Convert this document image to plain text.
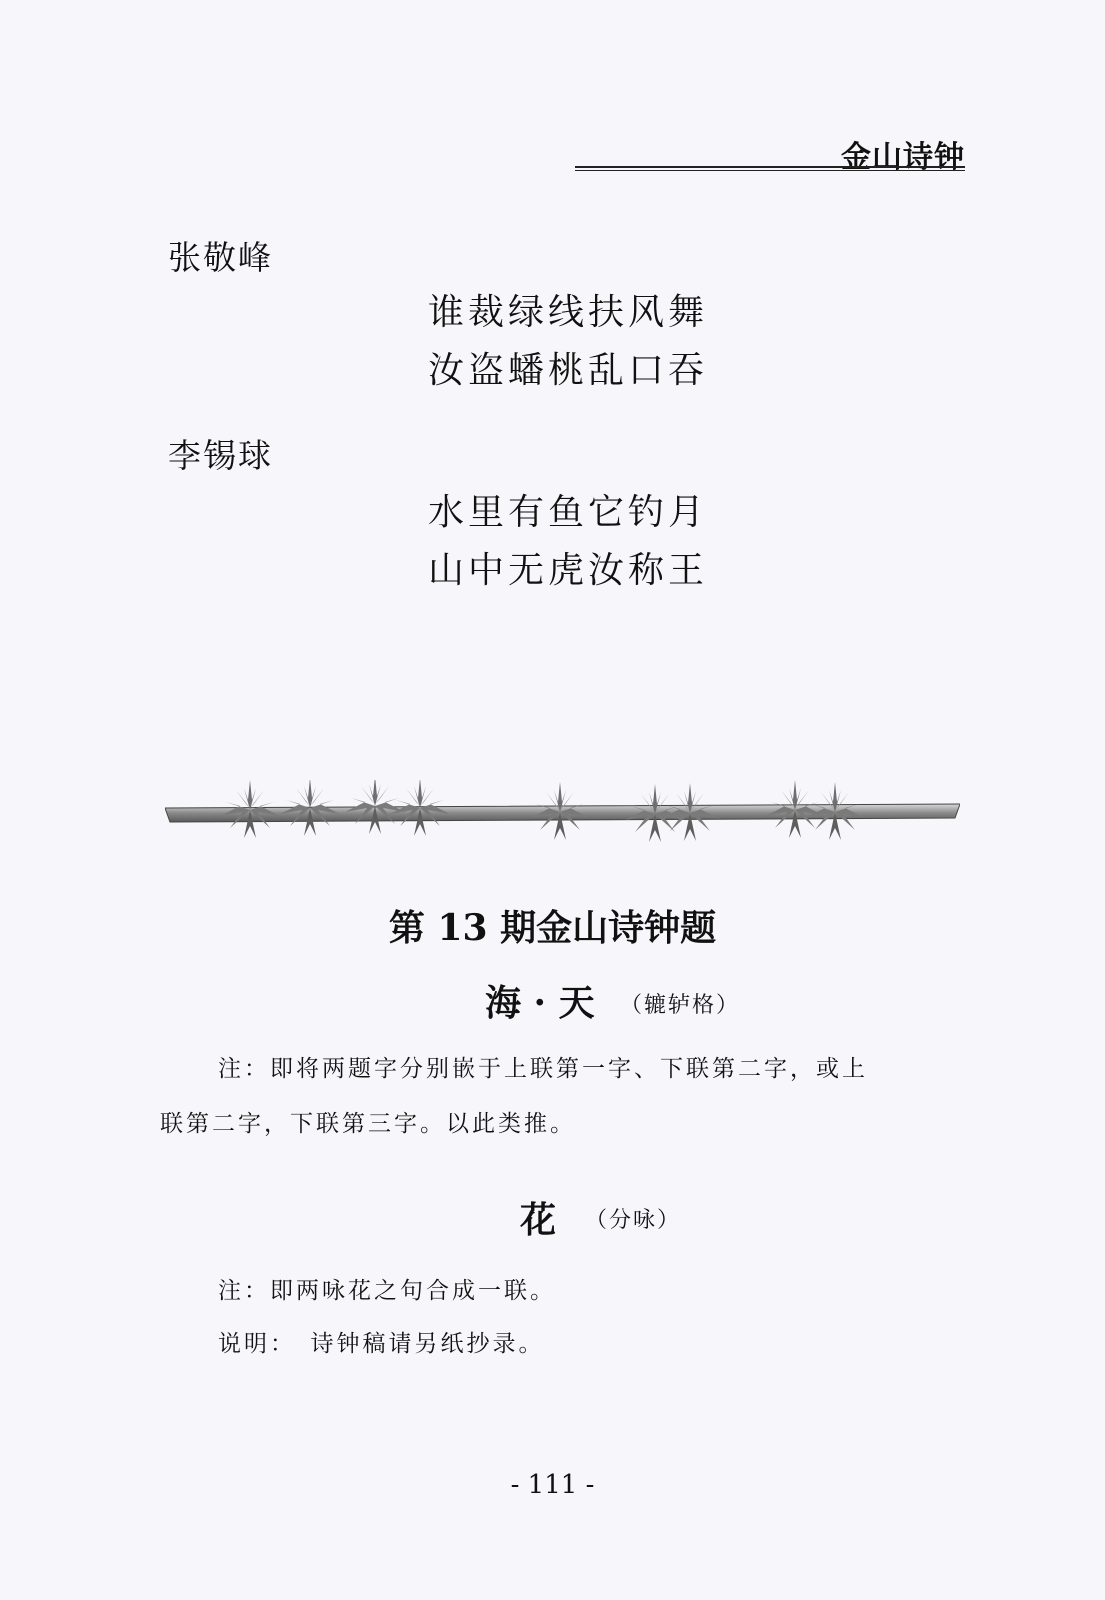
金山诗钟
张敬峰
谁裁绿线扶风舞
汝盗蟠桃乱口吞
李锡球
水里有鱼它钓月
山中无虎汝称王
第 13 期金山诗钟题
海 · 天 （辘轳格）
注：即将两题字分别嵌于上联第一字、下联第二字，或上
联第二字，下联第三字。以此类推。
花 （分咏）
注：即两咏花之句合成一联。
说明：　诗钟稿请另纸抄录。
- 111 -
